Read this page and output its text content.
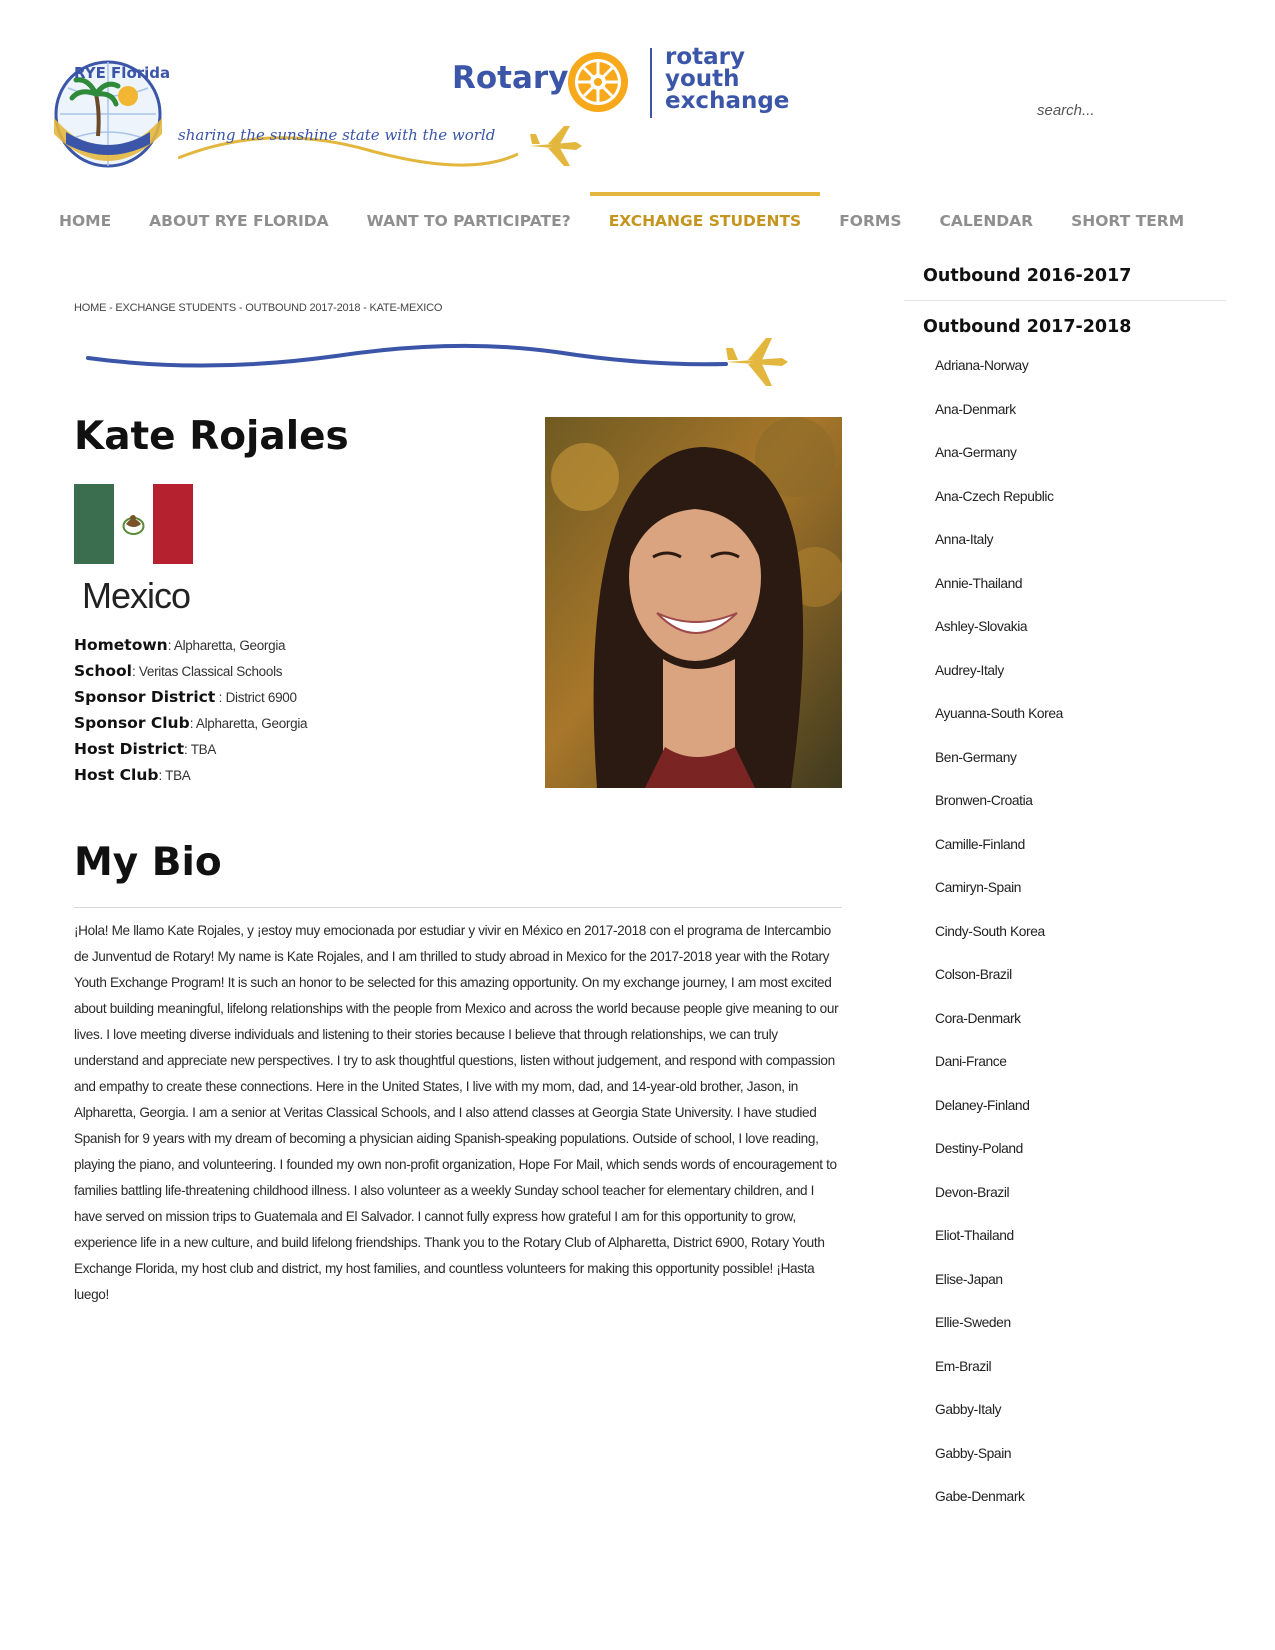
RYE Florida
sharing the sunshine state with the world
Rotary
rotary
youth
exchange
search...
HOME	ABOUT RYE FLORIDA	WANT TO PARTICIPATE?	EXCHANGE STUDENTS	FORMS	CALENDAR	SHORT TERM
HOME - EXCHANGE STUDENTS - OUTBOUND 2017-2018 - KATE-MEXICO
Kate Rojales
Mexico
Hometown: Alpharetta, Georgia
School: Veritas Classical Schools
Sponsor District : District 6900
Sponsor Club: Alpharetta, Georgia
Host District: TBA
Host Club: TBA
My Bio

¡Hola! Me llamo Kate Rojales, y ¡estoy muy emocionada por estudiar y vivir en México en 2017-2018 con el programa de Intercambio de Junventud de Rotary! My name is Kate Rojales, and I am thrilled to study abroad in Mexico for the 2017-2018 year with the Rotary Youth Exchange Program! It is such an honor to be selected for this amazing opportunity. On my exchange journey, I am most excited about building meaningful, lifelong relationships with the people from Mexico and across the world because people give meaning to our lives. I love meeting diverse individuals and listening to their stories because I believe that through relationships, we can truly understand and appreciate new perspectives. I try to ask thoughtful questions, listen without judgement, and respond with compassion and empathy to create these connections. Here in the United States, I live with my mom, dad, and 14-year-old brother, Jason, in Alpharetta, Georgia. I am a senior at Veritas Classical Schools, and I also attend classes at Georgia State University. I have studied Spanish for 9 years with my dream of becoming a physician aiding Spanish-speaking populations. Outside of school, I love reading, playing the piano, and volunteering. I founded my own non-profit organization, Hope For Mail, which sends words of encouragement to families battling life-threatening childhood illness. I also volunteer as a weekly Sunday school teacher for elementary children, and I have served on mission trips to Guatemala and El Salvador. I cannot fully express how grateful I am for this opportunity to grow, experience life in a new culture, and build lifelong friendships. Thank you to the Rotary Club of Alpharetta, District 6900, Rotary Youth Exchange Florida, my host club and district, my host families, and countless volunteers for making this opportunity possible! ¡Hasta luego!

Outbound 2016-2017
Outbound 2017-2018
Adriana-Norway
Ana-Denmark
Ana-Germany
Ana-Czech Republic
Anna-Italy
Annie-Thailand
Ashley-Slovakia
Audrey-Italy
Ayuanna-South Korea
Ben-Germany
Bronwen-Croatia
Camille-Finland
Camiryn-Spain
Cindy-South Korea
Colson-Brazil
Cora-Denmark
Dani-France
Delaney-Finland
Destiny-Poland
Devon-Brazil
Eliot-Thailand
Elise-Japan
Ellie-Sweden
Em-Brazil
Gabby-Italy
Gabby-Spain
Gabe-Denmark
